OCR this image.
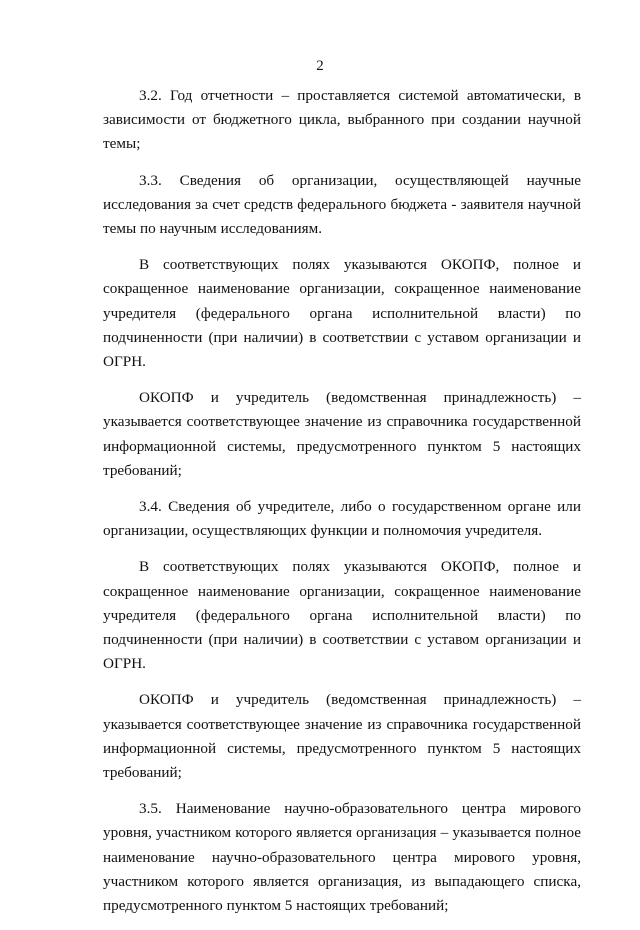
2

3.2. Год отчетности – проставляется системой автоматически, в зависимости от бюджетного цикла, выбранного при создании научной темы;

3.3. Сведения об организации, осуществляющей научные исследования за счет средств федерального бюджета - заявителя научной темы по научным исследованиям.

В соответствующих полях указываются ОКОПФ, полное и сокращенное наименование организации, сокращенное наименование учредителя (федерального органа исполнительной власти) по подчиненности (при наличии) в соответствии с уставом организации и ОГРН.

ОКОПФ и учредитель (ведомственная принадлежность) – указывается соответствующее значение из справочника государственной информационной системы, предусмотренного пунктом 5 настоящих требований;

3.4. Сведения об учредителе, либо о государственном органе или организации, осуществляющих функции и полномочия учредителя.

В соответствующих полях указываются ОКОПФ, полное и сокращенное наименование организации, сокращенное наименование учредителя (федерального органа исполнительной власти) по подчиненности (при наличии) в соответствии с уставом организации и ОГРН.

ОКОПФ и учредитель (ведомственная принадлежность) – указывается соответствующее значение из справочника государственной информационной системы, предусмотренного пунктом 5 настоящих требований;

3.5. Наименование научно-образовательного центра мирового уровня, участником которого является организация – указывается полное наименование научно-образовательного центра мирового уровня, участником которого является организация, из выпадающего списка, предусмотренного пунктом 5 настоящих требований;
